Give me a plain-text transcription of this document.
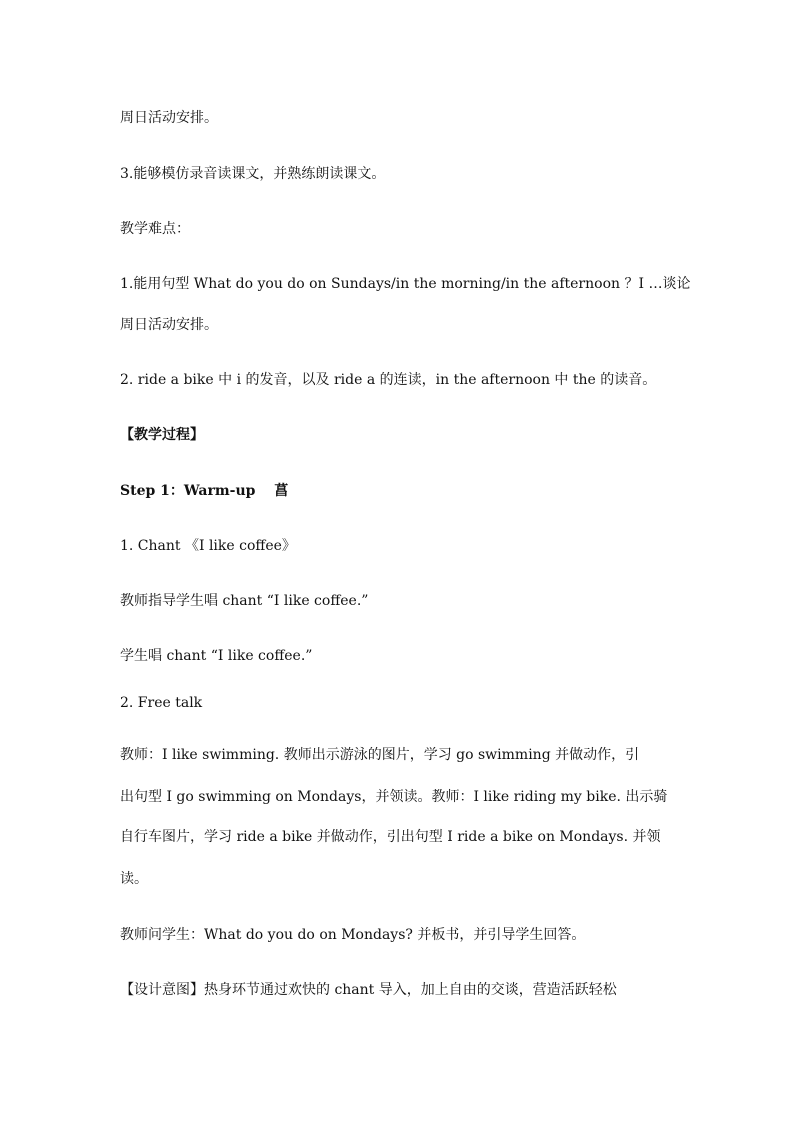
周日活动安排。
3.能够模仿录音读课文，并熟练朗读课文。
教学难点：
1.能用句型 What do you do on Sundays/in the morning/in the afternoon ？I …谈论
周日活动安排。
2. ride a bike 中 i 的发音，以及 ride a 的连读，in the afternoon 中 the 的读音。
【教学过程】
Step 1：Warm-up　 菖
1. Chant 《I like coffee》
教师指导学生唱 chant “I like coffee.”
学生唱 chant “I like coffee.”
2. Free talk
教师：I like swimming. 教师出示游泳的图片，学习 go swimming 并做动作，引
出句型 I go swimming on Mondays，并领读。教师：I like riding my bike. 出示骑
自行车图片，学习 ride a bike 并做动作，引出句型 I ride a bike on Mondays. 并领
读。
教师问学生：What do you do on Mondays? 并板书，并引导学生回答。
【设计意图】热身环节通过欢快的 chant 导入，加上自由的交谈，营造活跃轻松
